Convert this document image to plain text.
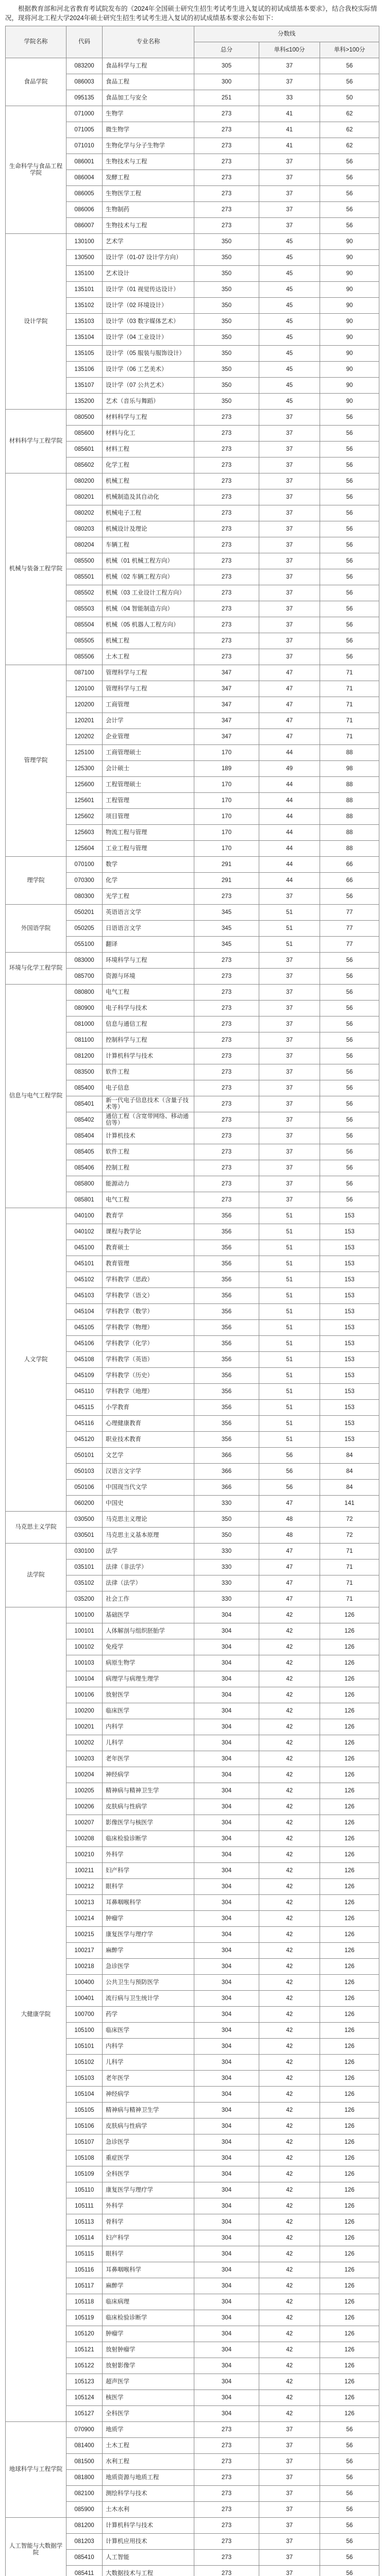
根据教育部和河北省教育考试院发布的《2024年全国硕士研究生招生考试考生进入复试的初试成绩基本要求》，结合我校实际情况，现将河北工程大学2024年硕士研究生招生考试考生进入复试的初试成绩基本要求公布如下：

学院名称	代码	专业名称	分数线		
			总分	单科≤100分	单科>100分
食品学院	083200	食品科学与工程	305	37	56
	086003	食品工程	300	37	56
	095135	食品加工与安全	251	33	50
生命科学与食品工程学院	071000	生物学	273	41	62
	071005	微生物学	273	41	62
	071010	生物化学与分子生物学	273	41	62
	086001	生物技术与工程	273	37	56
	086004	发酵工程	273	37	56
	086005	生物医学工程	273	37	56
	086006	生物制药	273	37	56
	086007	生物技术与工程	273	37	56
设计学院	130100	艺术学	350	45	90
	130500	设计学（01-07 设计学方向）	350	45	90
	135100	艺术设计	350	45	90
	135101	设计学（01 视觉传达设计）	350	45	90
	135102	设计学（02 环境设计）	350	45	90
	135103	设计学（03 数字媒体艺术）	350	45	90
	135104	设计学（04 工业设计）	350	45	90
	135105	设计学（05 服装与服饰设计）	350	45	90
	135106	设计学（06 工艺美术）	350	45	90
	135107	设计学（07 公共艺术）	350	45	90
	135200	艺术（音乐与舞蹈）	350	45	90
材料科学与工程学院	080500	材料科学与工程	273	37	56
	085600	材料与化工	273	37	56
	085601	材料工程	273	37	56
	085602	化学工程	273	37	56
机械与装备工程学院	080200	机械工程	273	37	56
	080201	机械制造及其自动化	273	37	56
	080202	机械电子工程	273	37	56
	080203	机械设计及理论	273	37	56
	080204	车辆工程	273	37	56
	085500	机械（01 机械工程方向）	273	37	56
	085501	机械（02 车辆工程方向）	273	37	56
	085502	机械（03 工业设计工程方向）	273	37	56
	085503	机械（04 智能制造方向）	273	37	56
	085504	机械（05 机器人工程方向）	273	37	56
	085505	机械工程	273	37	56
	085506	土木工程	273	37	56
管理学院	087100	管理科学与工程	347	47	71
	120100	管理科学与工程	347	47	71
	120200	工商管理	347	47	71
	120201	会计学	347	47	71
	120202	企业管理	347	47	71
	125100	工商管理硕士	170	44	88
	125300	会计硕士	189	49	98
	125600	工程管理硕士	170	44	88
	125601	工程管理	170	44	88
	125602	项目管理	170	44	88
	125603	物流工程与管理	170	44	88
	125604	工业工程与管理	170	44	88
理学院	070100	数学	291	44	66
	070300	化学	291	44	66
	080300	光学工程	273	37	56
外国语学院	050201	英语语言文学	345	51	77
	050205	日语语言文学	345	51	77
	055100	翻译	345	51	77
环境与化学工程学院	083000	环境科学与工程	273	37	56
	085700	资源与环境	273	37	56
信息与电气工程学院	080800	电气工程	273	37	56
	080900	电子科学与技术	273	37	56
	081000	信息与通信工程	273	37	56
	081100	控制科学与工程	273	37	56
	081200	计算机科学与技术	273	37	56
	083500	软件工程	273	37	56
	085400	电子信息	273	37	56
	085401	新一代电子信息技术（含量子技术等）	273	37	56
	085402	通信工程（含宽带网络、移动通信等）	273	37	56
	085404	计算机技术	273	37	56
	085405	软件工程	273	37	56
	085406	控制工程	273	37	56
	085800	能源动力	273	37	56
	085801	电气工程	273	37	56
人文学院	040100	教育学	356	51	153
	040102	课程与教学论	356	51	153
	045100	教育硕士	356	51	153
	045101	教育管理	356	51	153
	045102	学科教学（思政）	356	51	153
	045103	学科教学（语文）	356	51	153
	045104	学科教学（数学）	356	51	153
	045105	学科教学（物理）	356	51	153
	045106	学科教学（化学）	356	51	153
	045108	学科教学（英语）	356	51	153
	045109	学科教学（历史）	356	51	153
	045110	学科教学（地理）	356	51	153
	045115	小学教育	356	51	153
	045116	心理健康教育	356	51	153
	045120	职业技术教育	356	51	153
	050101	文艺学	366	56	84
	050103	汉语言文字学	366	56	84
	050106	中国现当代文学	366	56	84
	060200	中国史	330	47	141
马克思主义学院	030500	马克思主义理论	350	48	72
	030501	马克思主义基本原理	350	48	72
法学院	030100	法学	330	47	71
	035101	法律（非法学）	330	47	71
	035102	法律（法学）	330	47	71
	035200	社会工作	330	47	71
大健康学院	100100	基础医学	304	42	126
	100101	人体解剖与组织胚胎学	304	42	126
	100102	免疫学	304	42	126
	100103	病原生物学	304	42	126
	100104	病理学与病理生理学	304	42	126
	100106	放射医学	304	42	126
	100200	临床医学	304	42	126
	100201	内科学	304	42	126
	100202	儿科学	304	42	126
	100203	老年医学	304	42	126
	100204	神经病学	304	42	126
	100205	精神病与精神卫生学	304	42	126
	100206	皮肤病与性病学	304	42	126
	100207	影像医学与核医学	304	42	126
	100208	临床检验诊断学	304	42	126
	100210	外科学	304	42	126
	100211	妇产科学	304	42	126
	100212	眼科学	304	42	126
	100213	耳鼻咽喉科学	304	42	126
	100214	肿瘤学	304	42	126
	100215	康复医学与理疗学	304	42	126
	100217	麻醉学	304	42	126
	100218	急诊医学	304	42	126
	100400	公共卫生与预防医学	304	42	126
	100401	流行病与卫生统计学	304	42	126
	100700	药学	304	42	126
	105100	临床医学	304	42	126
	105101	内科学	304	42	126
	105102	儿科学	304	42	126
	105103	老年医学	304	42	126
	105104	神经病学	304	42	126
	105105	精神病与精神卫生学	304	42	126
	105106	皮肤病与性病学	304	42	126
	105107	急诊医学	304	42	126
	105108	重症医学	304	42	126
	105109	全科医学	304	42	126
	105110	康复医学与理疗学	304	42	126
	105111	外科学	304	42	126
	105113	骨科学	304	42	126
	105114	妇产科学	304	42	126
	105115	眼科学	304	42	126
	105116	耳鼻咽喉科学	304	42	126
	105117	麻醉学	304	42	126
	105118	临床病理	304	42	126
	105119	临床检验诊断学	304	42	126
	105120	肿瘤学	304	42	126
	105121	放射肿瘤学	304	42	126
	105122	放射影像学	304	42	126
	105123	超声医学	304	42	126
	105124	核医学	304	42	126
	105127	全科医学	304	42	126
地球科学与工程学院	070900	地质学	273	37	56
	081400	土木工程	273	37	56
	081500	水利工程	273	37	56
	081800	地质资源与地质工程	273	37	56
	082100	测绘科学与技术	273	37	56
	085900	土木水利	273	37	56
人工智能与大数据学院	081200	计算机科学与技术	273	37	56
	081203	计算机应用技术	273	37	56
	085410	人工智能	273	37	56
	085411	大数据技术与工程	273	37	56
